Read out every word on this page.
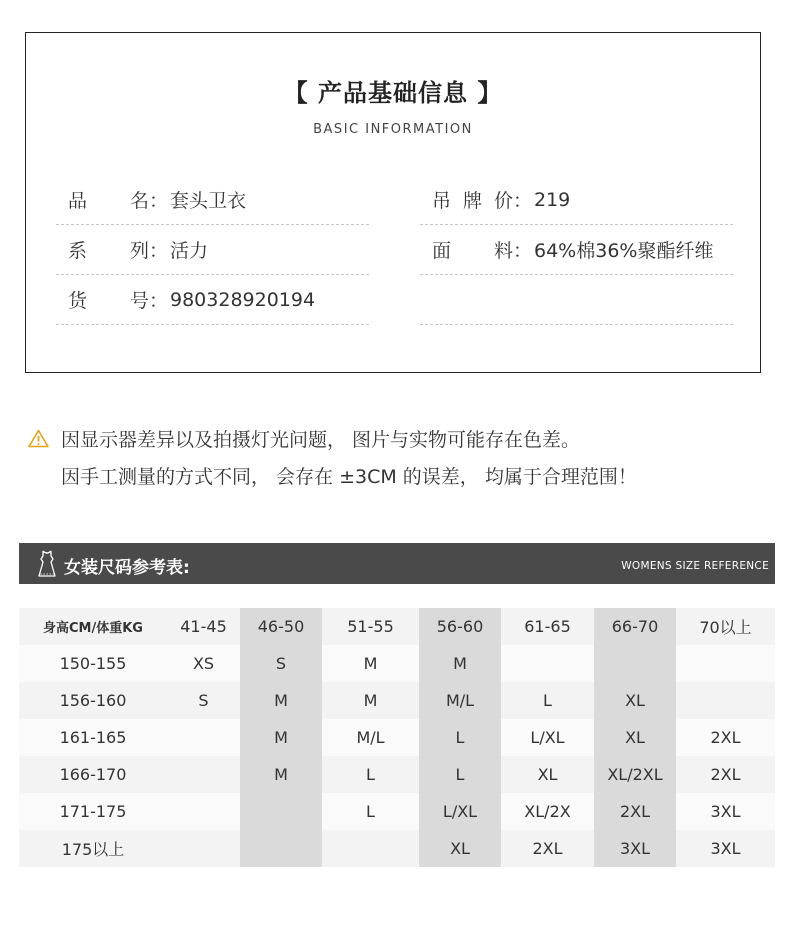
【 产品基础信息 】
BASIC INFORMATION
品 名： 套头卫衣
系 列： 活力
货 号： 980328920194
吊 牌 价： 219
面 料： 64%棉36%聚酯纤维
因显示器差异以及拍摄灯光问题， 图片与实物可能存在色差。
因手工测量的方式不同， 会存在 ±3CM 的误差， 均属于合理范围！
女装尺码参考表:	WOMENS SIZE REFERENCE
身高CM/体重KG	41-45	46-50	51-55	56-60	61-65	66-70	70以上
150-155	XS	S	M	M			
156-160	S	M	M	M/L	L	XL	
161-165		M	M/L	L	L/XL	XL	2XL
166-170		M	L	L	XL	XL/2XL	2XL
171-175			L	L/XL	XL/2X	2XL	3XL
175以上				XL	2XL	3XL	3XL
